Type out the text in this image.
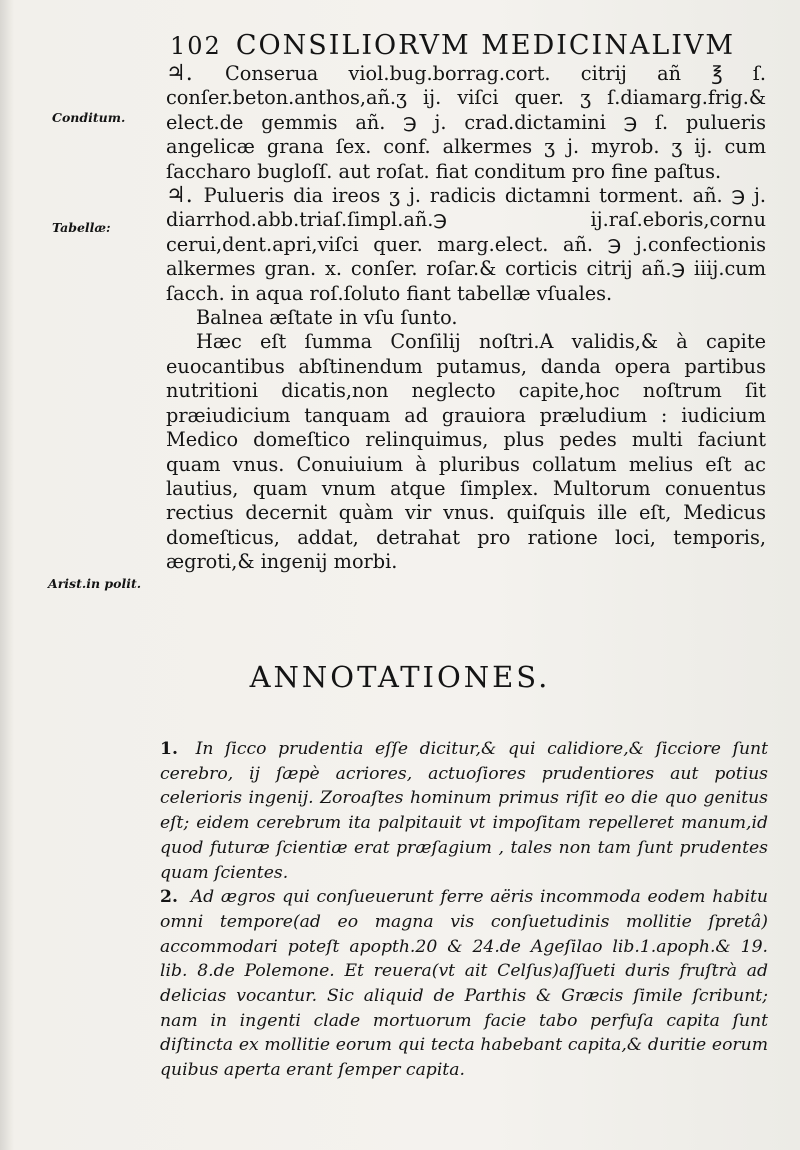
102 CONSILIORVM MEDICINALIVM
Conditum.
Tabellæ:
Arist.in polit.

♃. Conserua viol.bug.borrag.cort. citrij añ ℥ ſ. conſer.beton.anthos,añ.ʒ ij. viſci quer. ʒ ſ.diamarg.frig.& elect.de gemmis añ. ℈ j. crad.dictamini ℈ ſ. pulueris angelicæ grana ſex. conf. alkermes ʒ j. myrob. ʒ ij. cum ſaccharo bugloſſ. aut roſat. fiat conditum pro fine paſtus.

♃. Pulueris dia ireos ʒ j. radicis dictamni torment. añ. ℈ j. diarrhod.abb.triaſ.ſimpl.añ.℈ ij.raſ.eboris,cornu cerui,dent.apri,viſci quer. marg.elect. añ. ℈ j.confectionis alkermes gran. x. conſer. roſar.& corticis citrij añ.℈ iiij.cum ſacch. in aqua roſ.ſoluto fiant tabellæ vſuales.

Balnea æſtate in vſu ſunto.

Hæc eſt ſumma Conſilij noſtri.A validis,& à capite euocantibus abſtinendum putamus, danda opera partibus nutritioni dicatis,non neglecto capite,hoc noſtrum ſit præiudicium tanquam ad grauiora præludium : iudicium Medico domeſtico relinquimus, plus pedes multi faciunt quam vnus. Conuiuium à pluribus collatum melius eſt ac lautius, quam vnum atque ſimplex. Multorum conuentus rectius decernit quàm vir vnus. quiſquis ille eſt, Medicus domeſticus, addat, detrahat pro ratione loci, temporis, ægroti,& ingenij morbi.

ANNOTATIONES.

1. In ſicco prudentia eſſe dicitur,& qui calidiore,& ſicciore ſunt cerebro, ij ſæpè acriores, actuoſiores prudentiores aut potius celerioris ingenij. Zoroaſtes hominum primus riſit eo die quo genitus eſt; eidem cerebrum ita palpitauit vt impoſitam repelleret manum,id quod futuræ ſcientiæ erat præſagium , tales non tam ſunt prudentes quam ſcientes.

2. Ad ægros qui conſueuerunt ferre aëris incommoda eodem habitu omni tempore(ad eo magna vis conſuetudinis mollitie ſpretâ) accommodari poteſt apopth.20 & 24.de Ageſilao lib.1.apoph.& 19. lib. 8.de Polemone. Et reuera(vt ait Celſus)aſſueti duris fruſtrà ad delicias vocantur. Sic aliquid de Parthis & Græcis ſimile ſcribunt; nam in ingenti clade mortuorum facie tabo perfuſa capita ſunt diſtincta ex mollitie eorum qui tecta habebant capita,& duritie eorum quibus aperta erant ſemper capita.
